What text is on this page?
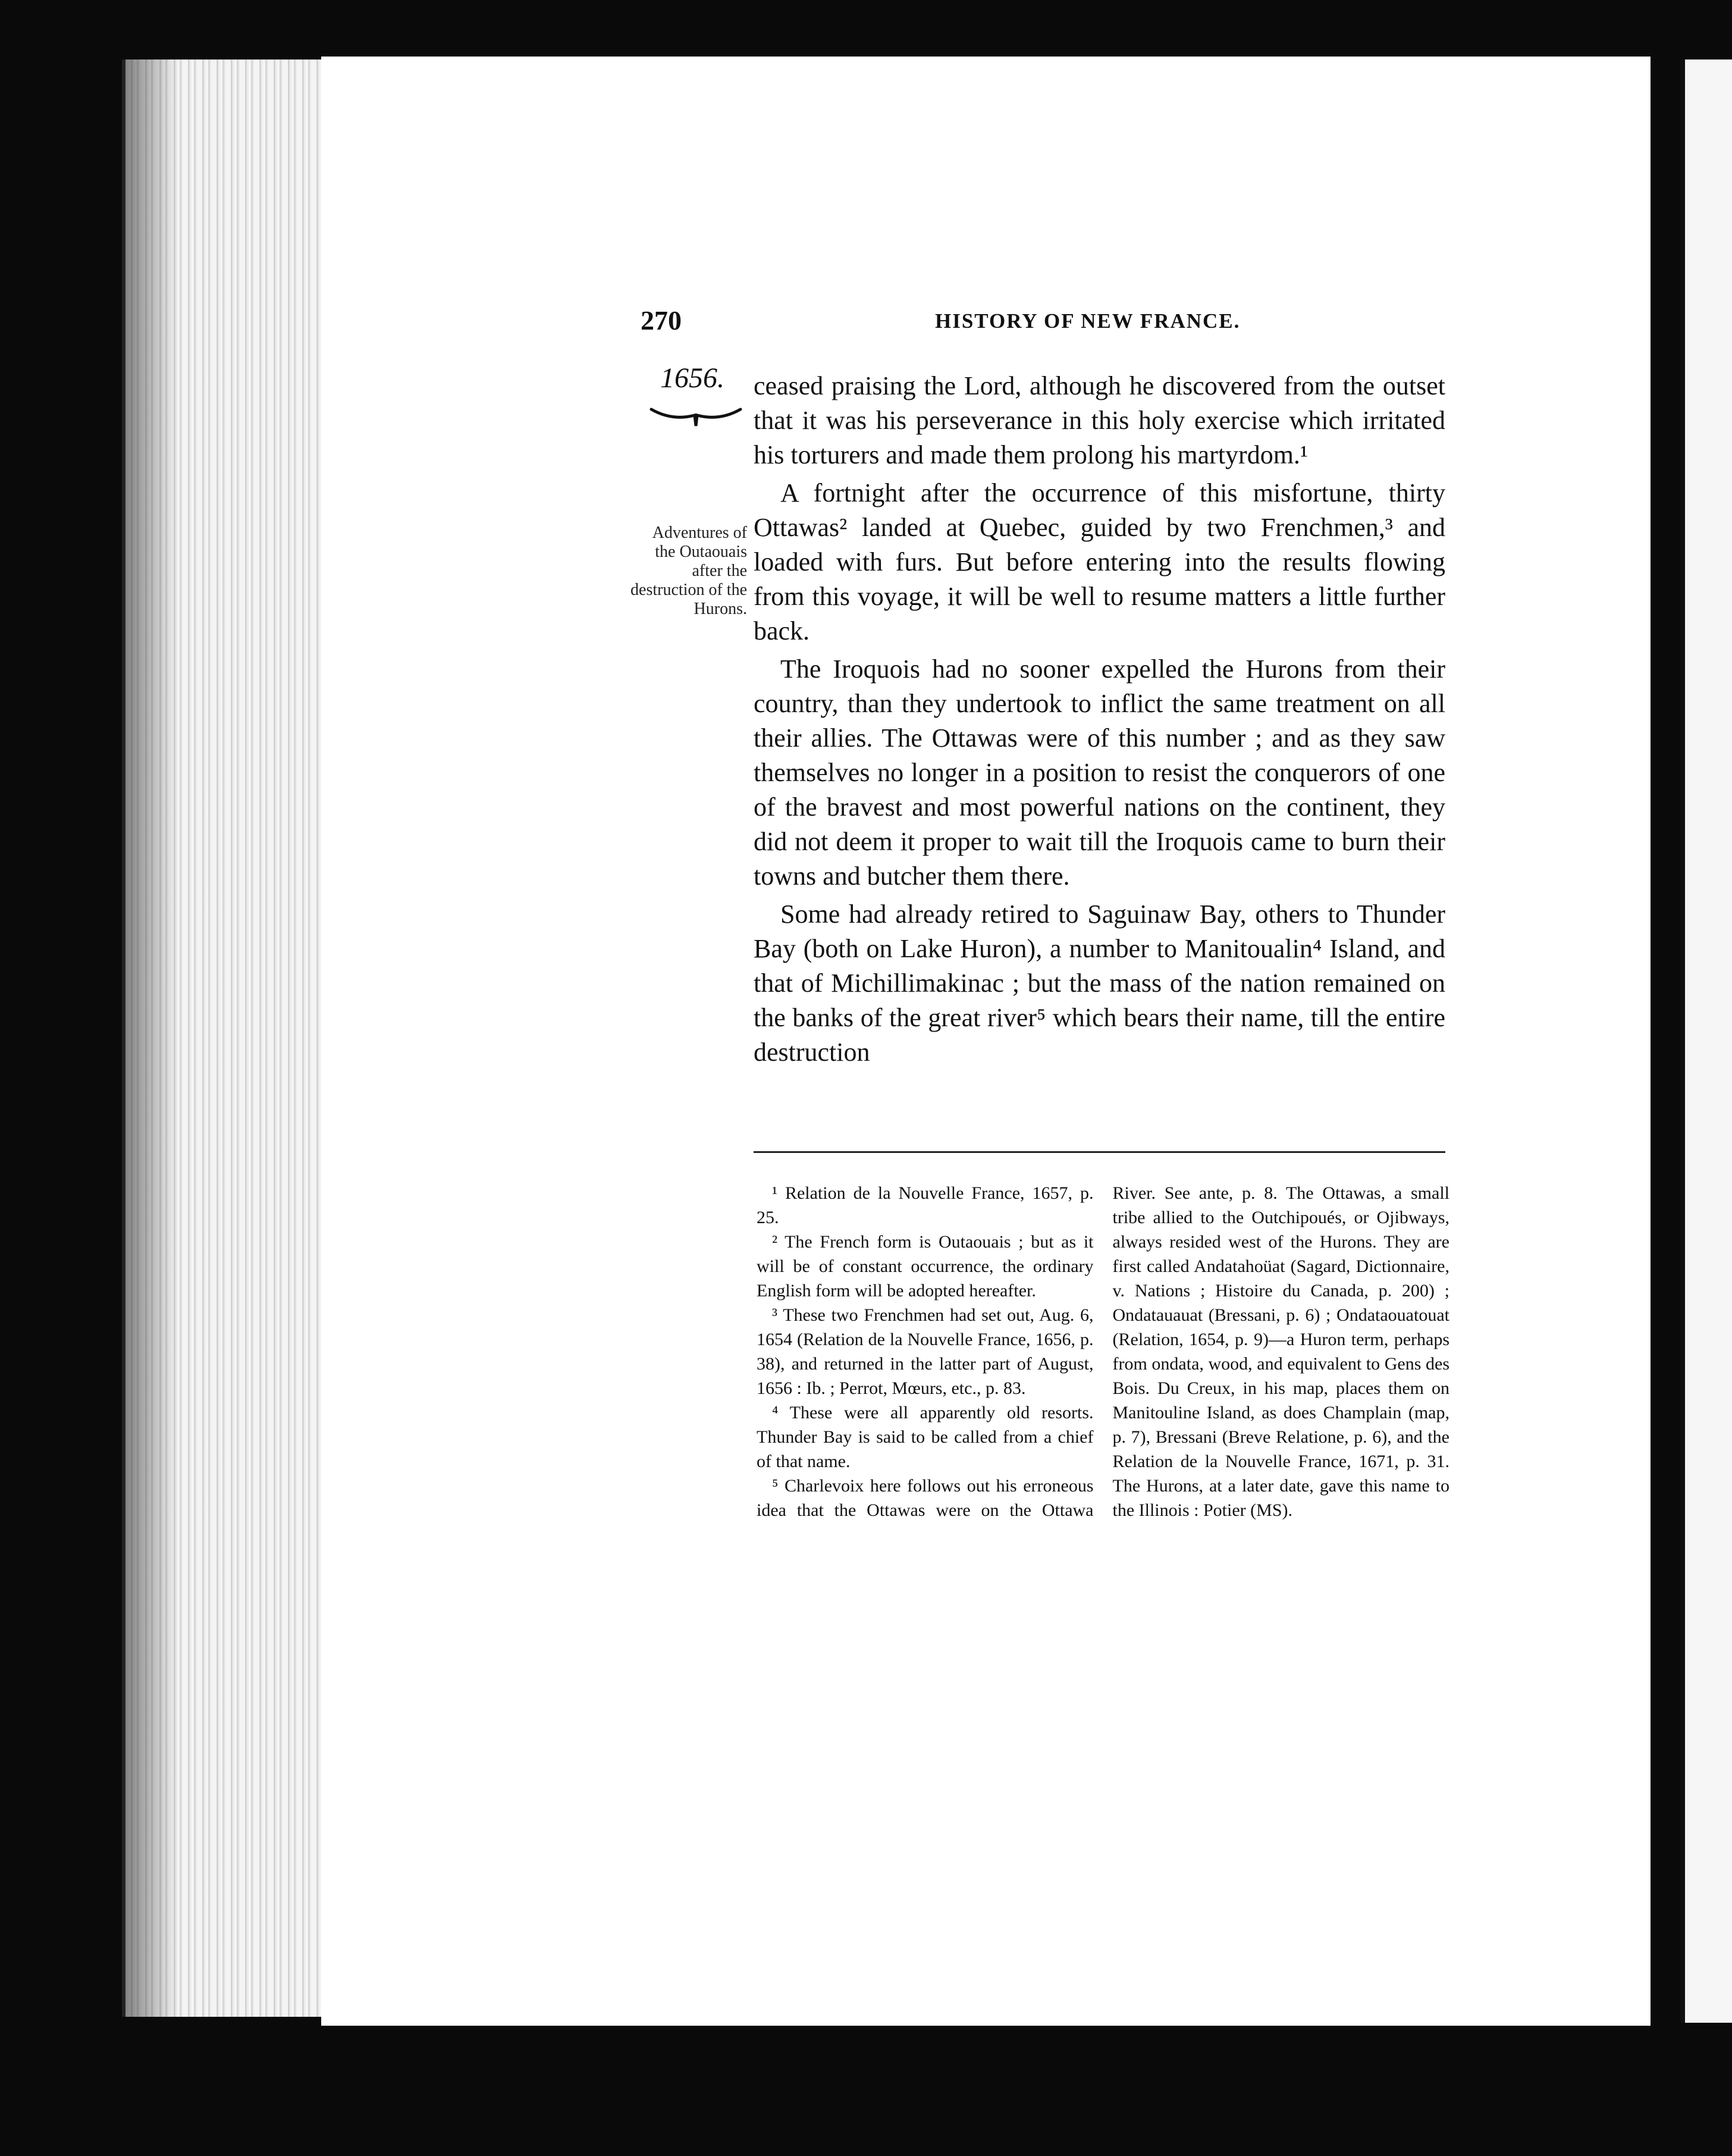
270	HISTORY OF NEW FRANCE.
1656.
Adventures of the Outaouais after the destruction of the Hurons.

ceased praising the Lord, although he discovered from the outset that it was his perseverance in this holy exercise which irritated his torturers and made them prolong his martyrdom.¹

A fortnight after the occurrence of this misfortune, thirty Ottawas² landed at Quebec, guided by two Frenchmen,³ and loaded with furs. But before entering into the results flowing from this voyage, it will be well to resume matters a little further back.

The Iroquois had no sooner expelled the Hurons from their country, than they undertook to inflict the same treatment on all their allies. The Ottawas were of this number ; and as they saw themselves no longer in a position to resist the conquerors of one of the bravest and most powerful nations on the continent, they did not deem it proper to wait till the Iroquois came to burn their towns and butcher them there.

Some had already retired to Saguinaw Bay, others to Thunder Bay (both on Lake Huron), a number to Manitoualin⁴ Island, and that of Michillimakinac ; but the mass of the nation remained on the banks of the great river⁵ which bears their name, till the entire destruction

¹ Relation de la Nouvelle France, 1657, p. 25.

² The French form is Outaouais ; but as it will be of constant occurrence, the ordinary English form will be adopted hereafter.

³ These two Frenchmen had set out, Aug. 6, 1654 (Relation de la Nouvelle France, 1656, p. 38), and returned in the latter part of August, 1656 : Ib. ; Perrot, Mœurs, etc., p. 83.

⁴ These were all apparently old resorts. Thunder Bay is said to be called from a chief of that name.

⁵ Charlevoix here follows out his erroneous idea that the Ottawas were on the Ottawa River. See ante, p. 8. The Ottawas, a small tribe allied to the Outchipoués, or Ojibways, always resided west of the Hurons. They are first called Andatahoüat (Sagard, Dictionnaire, v. Nations ; Histoire du Canada, p. 200) ; Ondatauauat (Bressani, p. 6) ; Ondataouatouat (Relation, 1654, p. 9)—a Huron term, perhaps from ondata, wood, and equivalent to Gens des Bois. Du Creux, in his map, places them on Manitouline Island, as does Champlain (map, p. 7), Bressani (Breve Relatione, p. 6), and the Relation de la Nouvelle France, 1671, p. 31. The Hurons, at a later date, gave this name to the Illinois : Potier (MS).
